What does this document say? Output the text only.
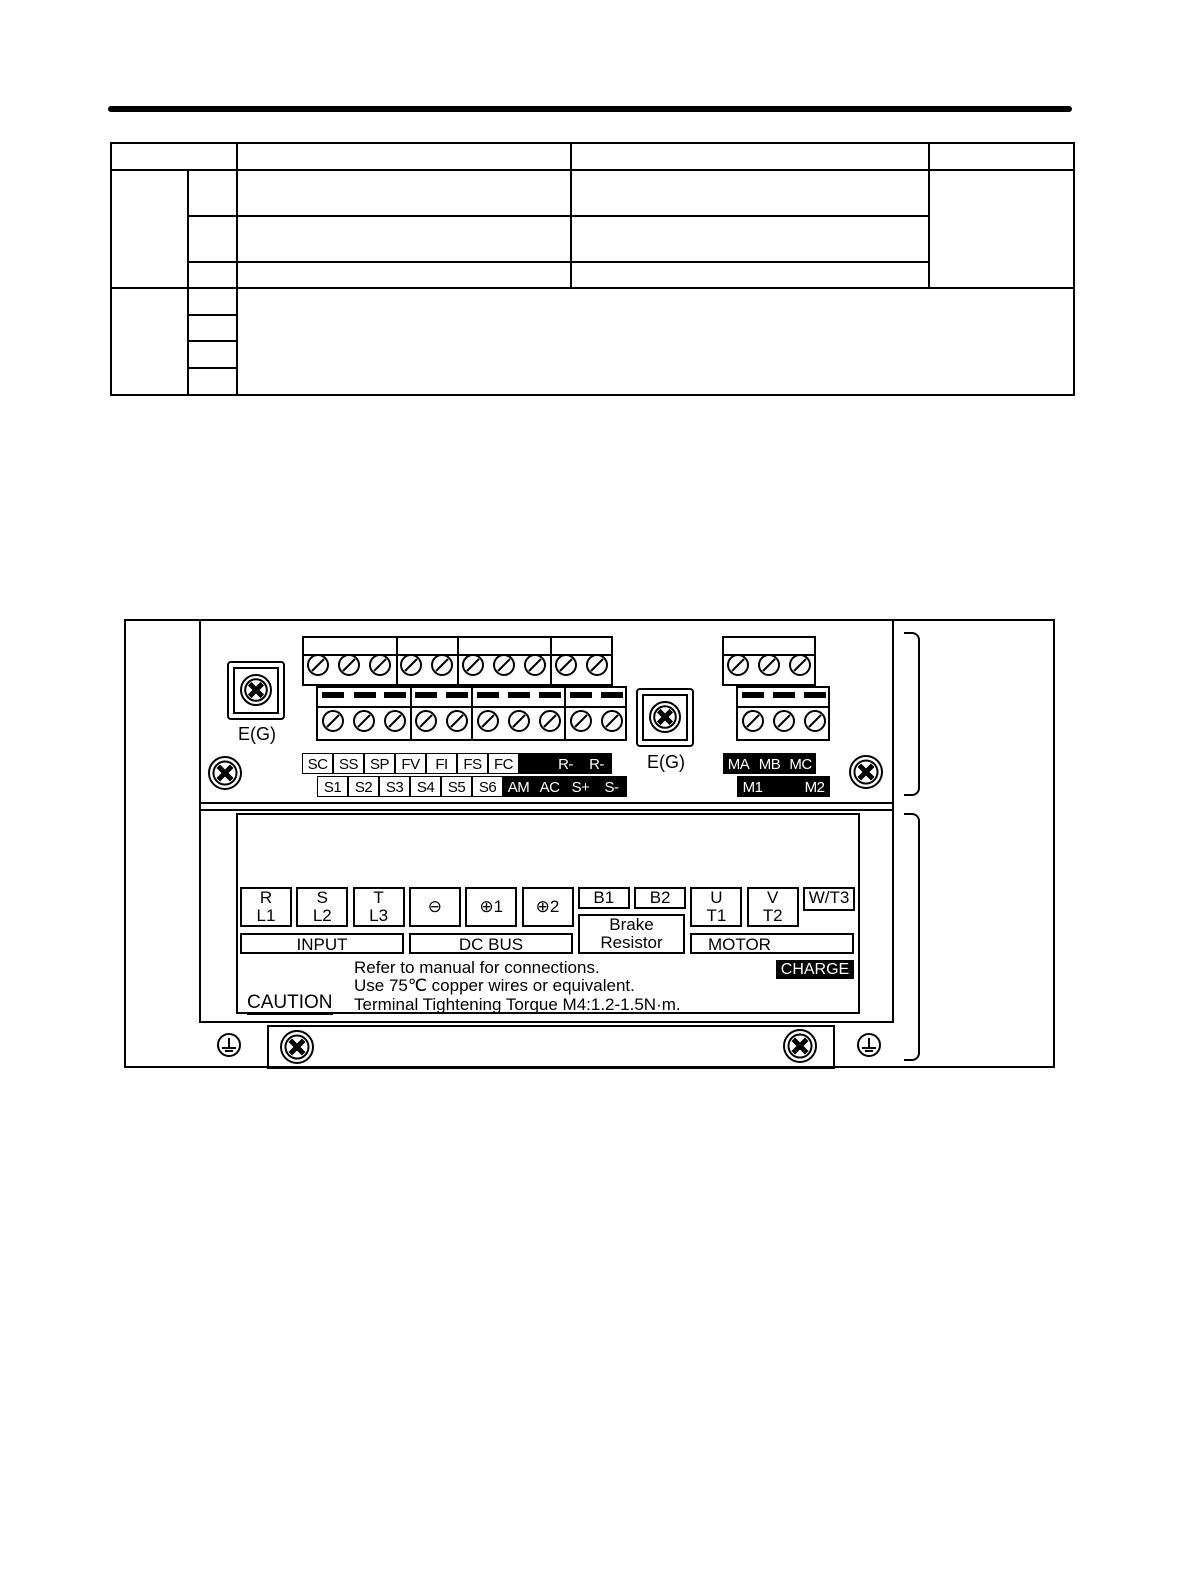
SC SS SP FV	FI	FS FC	R-	R-
S1 S2 S3 S4 S5 S6 AM AC S+	S-
MA MB MC
M1	M2
E(G)
E(G)
R
L1
S
L2
T
L3	⊖	⊕1	⊕2	B1	B2	U
T1
V
T2
W/T3
INPUT	DC BUS
Brake
Resistor	MOTOR
Refer to manual for connections.
Use 75℃ copper wires or equivalent.
Terminal Tightening Torque M4:1.2-1.5N·m.
CAUTION
CHARGE
